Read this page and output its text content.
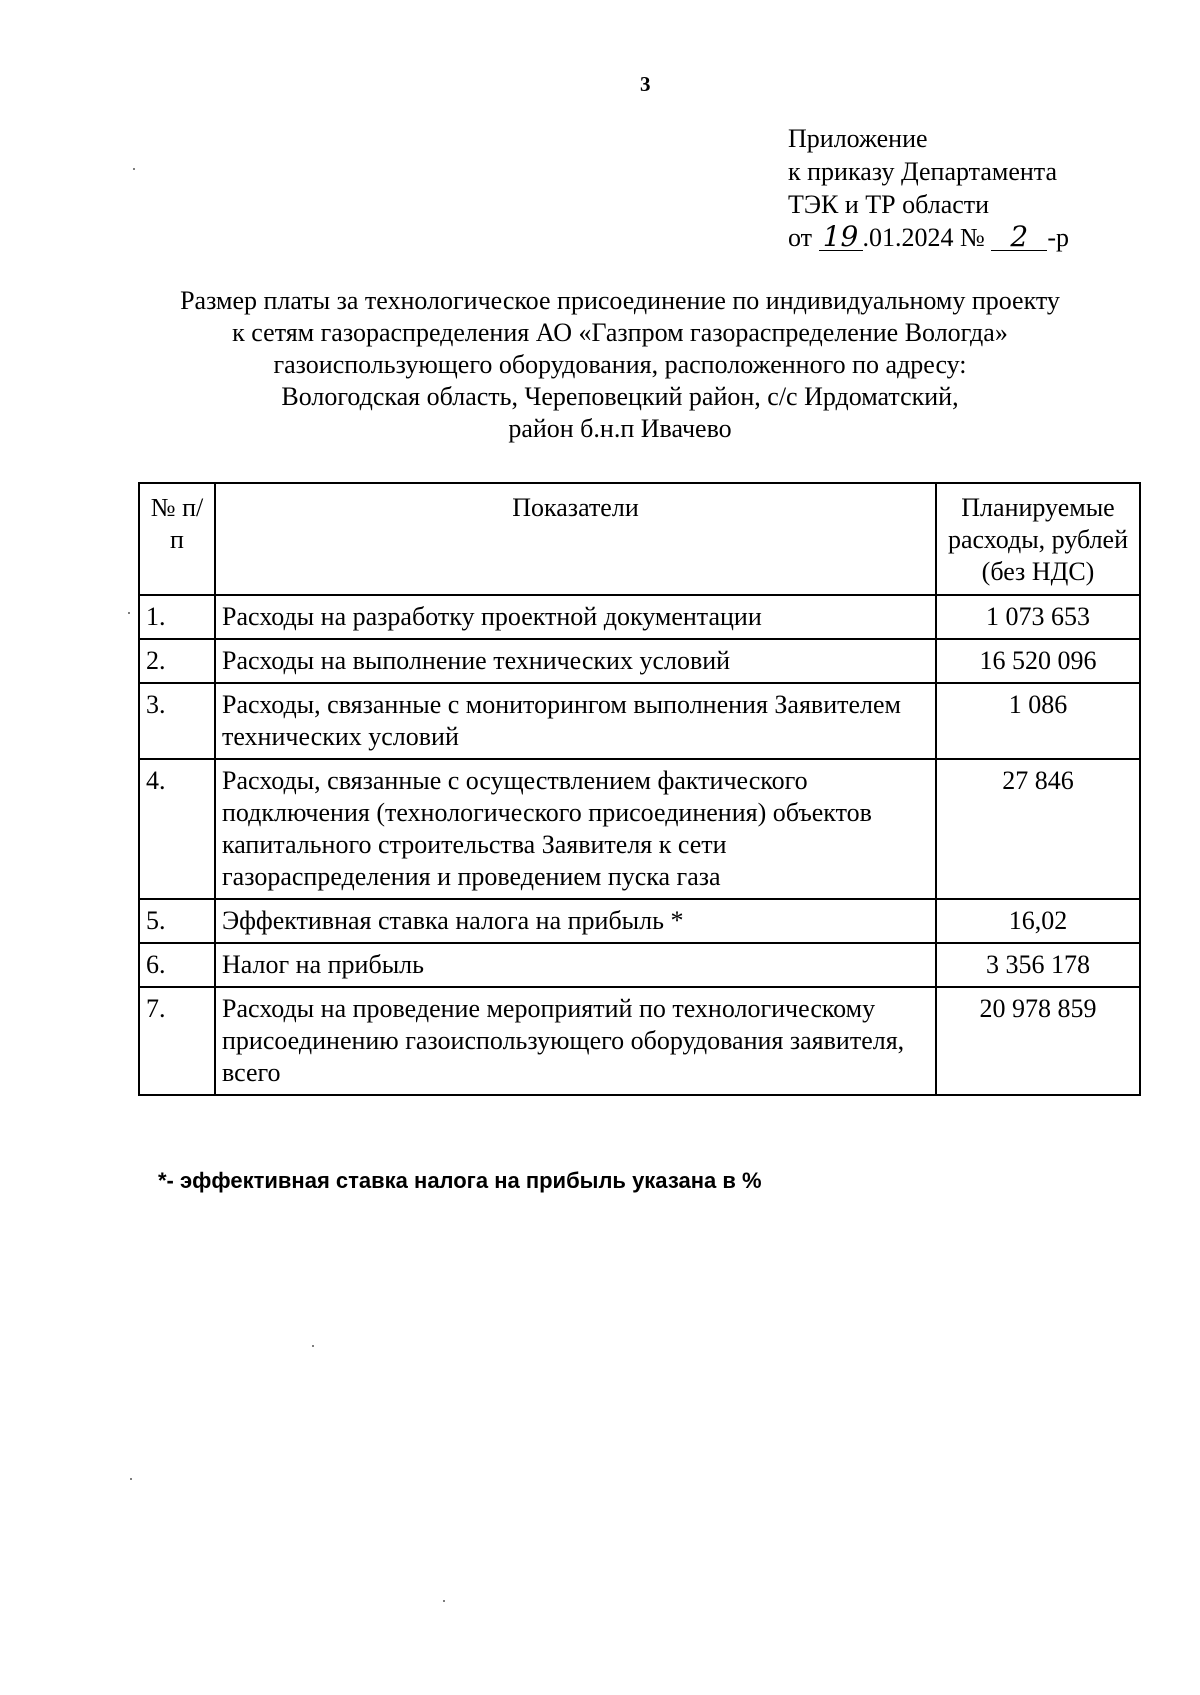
3
Приложение
к приказу Департамента
ТЭК и ТР области
от 19 .01.2024 № 2 -р
Размер платы за технологическое присоединение по индивидуальному проекту
к сетям газораспределения АО «Газпром газораспределение Вологда»
газоиспользующего оборудования, расположенного по адресу:
Вологодская область, Череповецкий район, с/с Ирдоматский,
район б.н.п Ивачево
№ п/п	Показатели	Планируемые расходы, рублей (без НДС)
1.	Расходы на разработку проектной документации	1 073 653
2.	Расходы на выполнение технических условий	16 520 096
3.	Расходы, связанные с мониторингом выполнения Заявителем технических условий	1 086
4.	Расходы, связанные с осуществлением фактического подключения (технологического присоединения) объектов капитального строительства Заявителя к сети газораспределения и проведением пуска газа	27 846
5.	Эффективная ставка налога на прибыль *	16,02
6.	Налог на прибыль	3 356 178
7.	Расходы на проведение мероприятий по технологическому присоединению газоиспользующего оборудования заявителя, всего	20 978 859
*- эффективная ставка налога на прибыль указана в %
